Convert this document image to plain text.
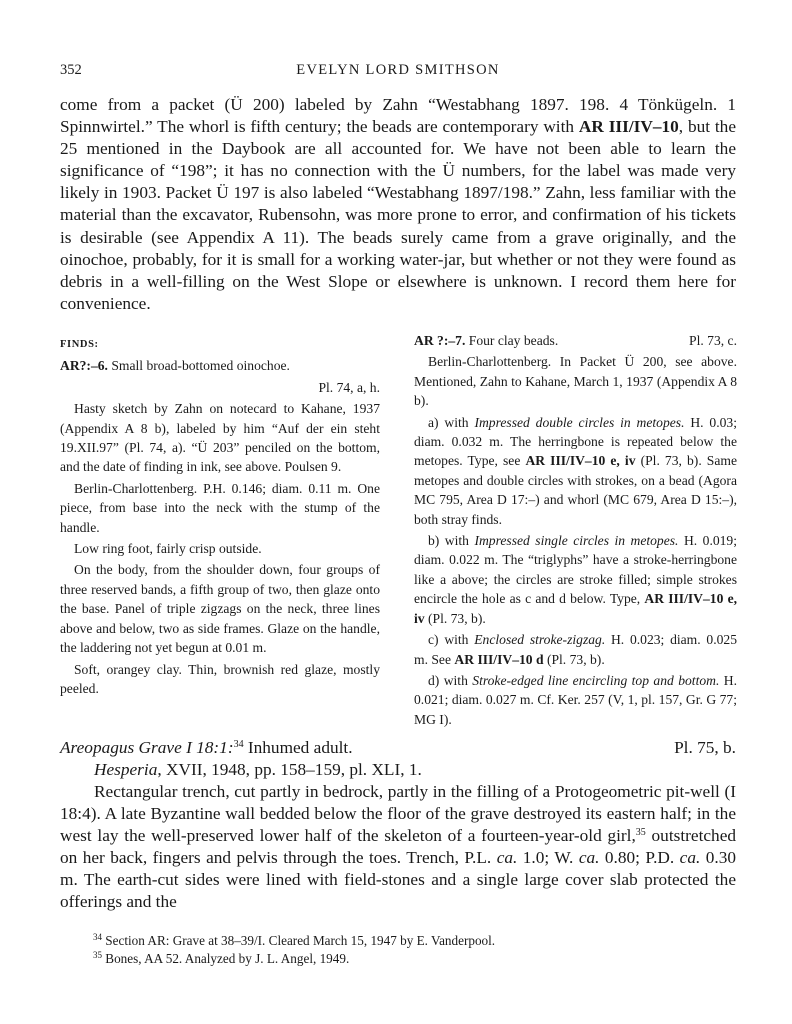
352	EVELYN LORD SMITHSON

come from a packet (Ü 200) labeled by Zahn “Westabhang 1897. 198. 4 Tönkügeln. 1 Spinnwirtel.” The whorl is fifth century; the beads are contemporary with AR III/IV–10, but the 25 mentioned in the Daybook are all accounted for. We have not been able to learn the significance of “198”; it has no connection with the Ü numbers, for the label was made very likely in 1903. Packet Ü 197 is also labeled “Westabhang 1897/198.” Zahn, less familiar with the material than the excavator, Rubensohn, was more prone to error, and confirmation of his tickets is desirable (see Appendix A 11). The beads surely came from a grave originally, and the oinochoe, probably, for it is small for a working water-jar, but whether or not they were found as debris in a well-filling on the West Slope or elsewhere is unknown. I record them here for convenience.

FINDS:

AR?:–6. Small broad-bottomed oinochoe.

Pl. 74, a, h.

Hasty sketch by Zahn on notecard to Kahane, 1937 (Appendix A 8 b), labeled by him “Auf der ein steht 19.XII.97” (Pl. 74, a). “Ü 203” penciled on the bottom, and the date of finding in ink, see above. Poulsen 9.

Berlin-Charlottenberg. P.H. 0.146; diam. 0.11 m. One piece, from base into the neck with the stump of the handle.

Low ring foot, fairly crisp outside.

On the body, from the shoulder down, four groups of three reserved bands, a fifth group of two, then glaze onto the base. Panel of triple zigzags on the neck, three lines above and below, two as side frames. Glaze on the handle, the laddering not yet begun at 0.01 m.

Soft, orangey clay. Thin, brownish red glaze, mostly peeled.

AR ?:–7. Four clay beads.	Pl. 73, c.

Berlin-Charlottenberg. In Packet Ü 200, see above. Mentioned, Zahn to Kahane, March 1, 1937 (Appendix A 8 b).

a) with Impressed double circles in metopes. H. 0.03; diam. 0.032 m. The herringbone is repeated below the metopes. Type, see AR III/IV–10 e, iv (Pl. 73, b). Same metopes and double circles with strokes, on a bead (Agora MC 795, Area D 17:–) and whorl (MC 679, Area D 15:–), both stray finds.

b) with Impressed single circles in metopes. H. 0.019; diam. 0.022 m. The “triglyphs” have a stroke-herringbone like a above; the circles are stroke filled; simple strokes encircle the hole as c and d below. Type, AR III/IV–10 e, iv (Pl. 73, b).

c) with Enclosed stroke-zigzag. H. 0.023; diam. 0.025 m. See AR III/IV–10 d (Pl. 73, b).

d) with Stroke-edged line encircling top and bottom. H. 0.021; diam. 0.027 m. Cf. Ker. 257 (V, 1, pl. 157, Gr. G 77; MG I).

Areopagus Grave I 18:1:$^{34}$ Inhumed adult.	Pl. 75, b.

Hesperia, XVII, 1948, pp. 158–159, pl. XLI, 1.

Rectangular trench, cut partly in bedrock, partly in the filling of a Protogeometric pit-well (I 18:4). A late Byzantine wall bedded below the floor of the grave destroyed its eastern half; in the west lay the well-preserved lower half of the skeleton of a fourteen-year-old girl,$^{35}$ outstretched on her back, fingers and pelvis through the toes. Trench, P.L. ca. 1.0; W. ca. 0.80; P.D. ca. 0.30 m. The earth-cut sides were lined with field-stones and a single large cover slab protected the offerings and the

$^{34}$ Section AR: Grave at 38–39/I. Cleared March 15, 1947 by E. Vanderpool.

$^{35}$ Bones, AA 52. Analyzed by J. L. Angel, 1949.
